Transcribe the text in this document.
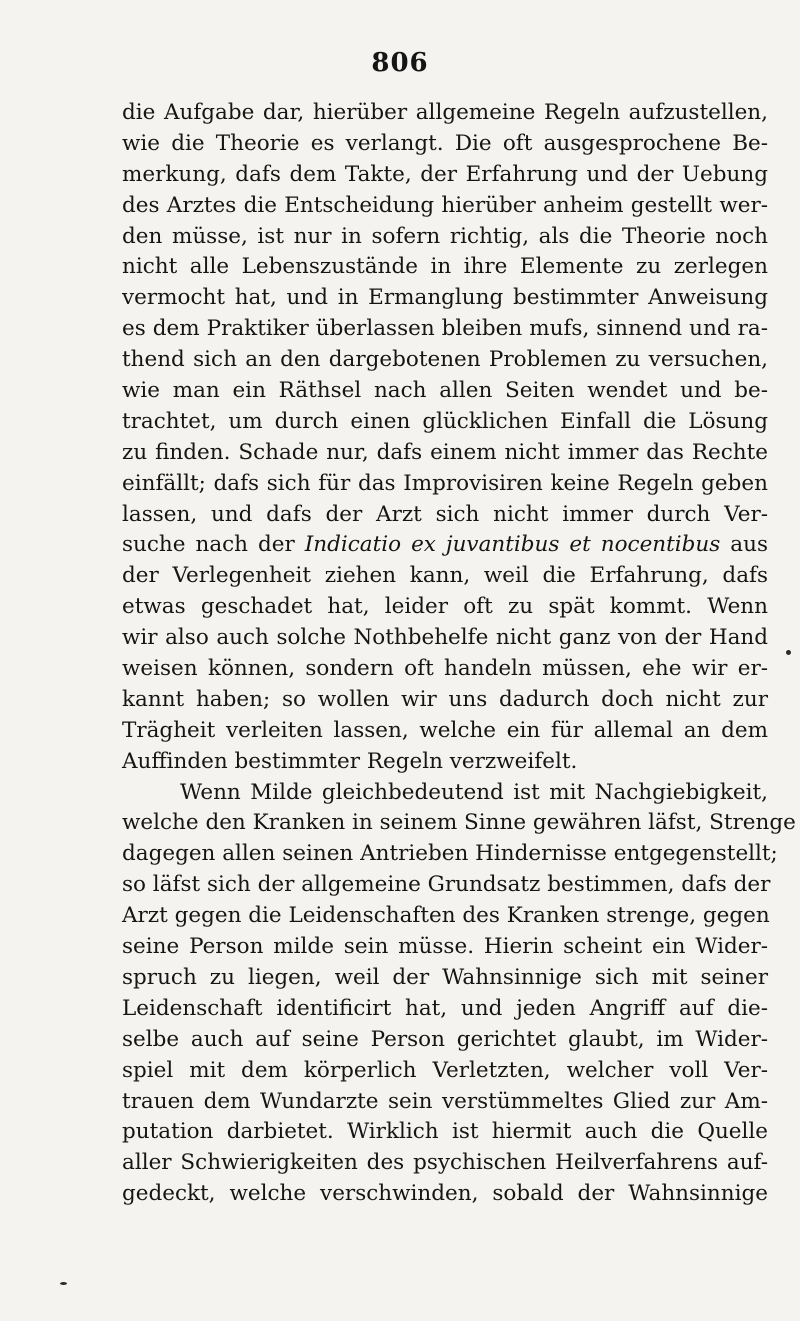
806
die Aufgabe dar, hierüber allgemeine Regeln aufzustellen,
wie die Theorie es verlangt. Die oft ausgesprochene Be-
merkung, dafs dem Takte, der Erfahrung und der Uebung
des Arztes die Entscheidung hierüber anheim gestellt wer-
den müsse, ist nur in sofern richtig, als die Theorie noch
nicht alle Lebenszustände in ihre Elemente zu zerlegen
vermocht hat, und in Ermanglung bestimmter Anweisung
es dem Praktiker überlassen bleiben mufs, sinnend und ra-
thend sich an den dargebotenen Problemen zu versuchen,
wie man ein Räthsel nach allen Seiten wendet und be-
trachtet, um durch einen glücklichen Einfall die Lösung
zu finden. Schade nur, dafs einem nicht immer das Rechte
einfällt; dafs sich für das Improvisiren keine Regeln geben
lassen, und dafs der Arzt sich nicht immer durch Ver-
suche nach der Indicatio ex juvantibus et nocentibus aus
der Verlegenheit ziehen kann, weil die Erfahrung, dafs
etwas geschadet hat, leider oft zu spät kommt. Wenn
wir also auch solche Nothbehelfe nicht ganz von der Hand
weisen können, sondern oft handeln müssen, ehe wir er-
kannt haben; so wollen wir uns dadurch doch nicht zur
Trägheit verleiten lassen, welche ein für allemal an dem
Auffinden bestimmter Regeln verzweifelt.
Wenn Milde gleichbedeutend ist mit Nachgiebigkeit,
welche den Kranken in seinem Sinne gewähren läfst, Strenge
dagegen allen seinen Antrieben Hindernisse entgegenstellt;
so läfst sich der allgemeine Grundsatz bestimmen, dafs der
Arzt gegen die Leidenschaften des Kranken strenge, gegen
seine Person milde sein müsse. Hierin scheint ein Wider-
spruch zu liegen, weil der Wahnsinnige sich mit seiner
Leidenschaft identificirt hat, und jeden Angriff auf die-
selbe auch auf seine Person gerichtet glaubt, im Wider-
spiel mit dem körperlich Verletzten, welcher voll Ver-
trauen dem Wundarzte sein verstümmeltes Glied zur Am-
putation darbietet. Wirklich ist hiermit auch die Quelle
aller Schwierigkeiten des psychischen Heilverfahrens auf-
gedeckt, welche verschwinden, sobald der Wahnsinnige
